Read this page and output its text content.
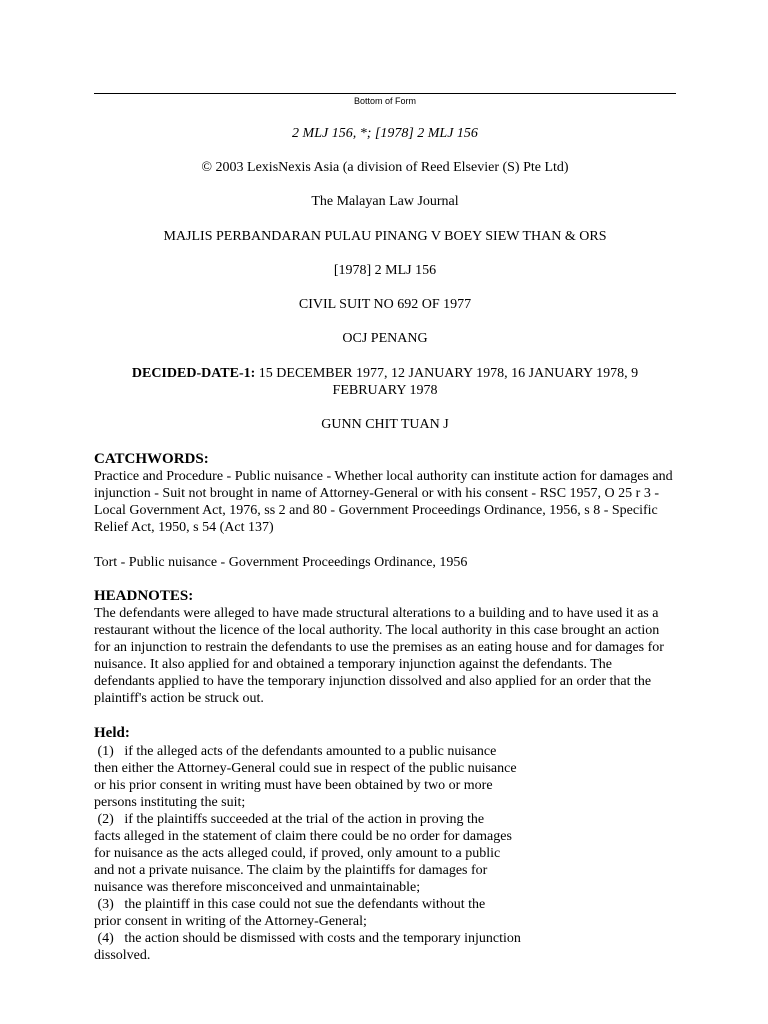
Bottom of Form
2 MLJ 156, *; [1978] 2 MLJ 156
© 2003 LexisNexis Asia (a division of Reed Elsevier (S) Pte Ltd)
The Malayan Law Journal
MAJLIS PERBANDARAN PULAU PINANG V BOEY SIEW THAN & ORS
[1978] 2 MLJ 156
CIVIL SUIT NO 692 OF 1977
OCJ PENANG
DECIDED-DATE-1: 15 DECEMBER 1977, 12 JANUARY 1978, 16 JANUARY 1978, 9 FEBRUARY 1978
GUNN CHIT TUAN J
CATCHWORDS:
Practice and Procedure - Public nuisance - Whether local authority can institute action for damages and injunction - Suit not brought in name of Attorney-General or with his consent - RSC 1957, O 25 r 3 - Local Government Act, 1976, ss 2 and 80 - Government Proceedings Ordinance, 1956, s 8 - Specific Relief Act, 1950, s 54 (Act 137)
Tort - Public nuisance - Government Proceedings Ordinance, 1956
HEADNOTES:
The defendants were alleged to have made structural alterations to a building and to have used it as a restaurant without the licence of the local authority. The local authority in this case brought an action for an injunction to restrain the defendants to use the premises as an eating house and for damages for nuisance. It also applied for and obtained a temporary injunction against the defendants. The defendants applied to have the temporary injunction dissolved and also applied for an order that the plaintiff's action be struck out.
Held:
(1)   if the alleged acts of the defendants amounted to a public nuisance
then either the Attorney-General could sue in respect of the public nuisance
or his prior consent in writing must have been obtained by two or more
persons instituting the suit;
(2)   if the plaintiffs succeeded at the trial of the action in proving the
facts alleged in the statement of claim there could be no order for damages
for nuisance as the acts alleged could, if proved, only amount to a public
and not a private nuisance. The claim by the plaintiffs for damages for
nuisance was therefore misconceived and unmaintainable;
(3)   the plaintiff in this case could not sue the defendants without the
prior consent in writing of the Attorney-General;
(4)   the action should be dismissed with costs and the temporary injunction
dissolved.
